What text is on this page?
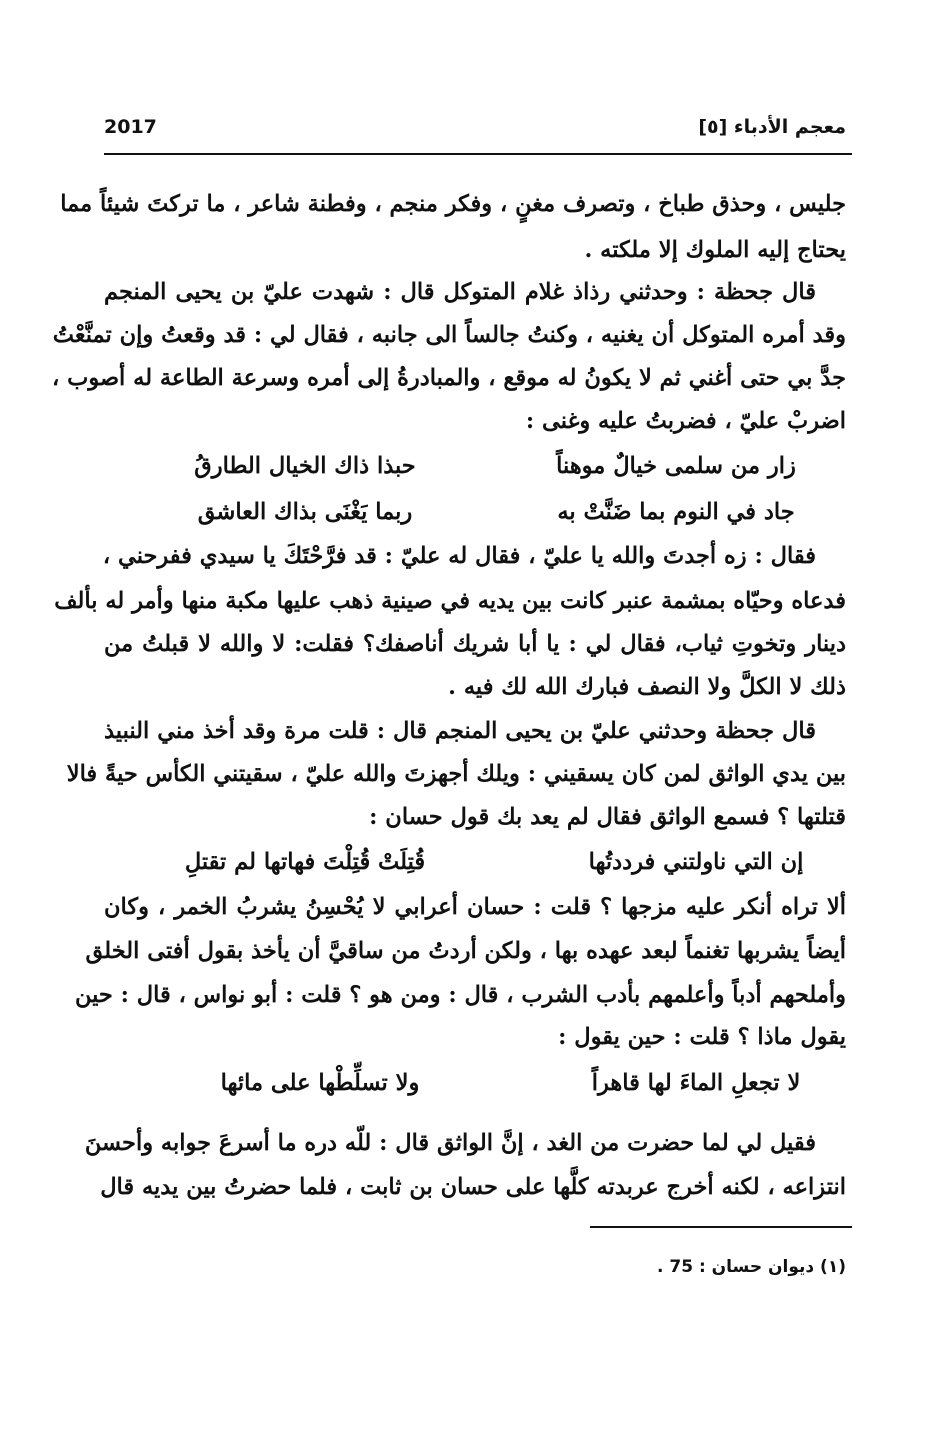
2017	معجم الأدباء [٥]
جليس ، وحذق طباخ ، وتصرف مغنٍ ، وفكر منجم ، وفطنة شاعر ، ما تركتَ شيئاً مما
يحتاج إليه الملوك إلا ملكته .
قال جحظة : وحدثني رذاذ غلام المتوكل قال : شهدت عليّ بن يحيى المنجم
وقد أمره المتوكل أن يغنيه ، وكنتُ جالساً الى جانبه ، فقال لي : قد وقعتُ وإن تمنَّعْتُ
جدَّ بي حتى أغني ثم لا يكونُ له موقع ، والمبادرةُ إلى أمره وسرعة الطاعة له أصوب ،
اضربْ عليّ ، فضربتُ عليه وغنى :
زار من سلمى خيالٌ موهناً
حبذا ذاك الخيال الطارقُ
جاد في النوم بما ضَنَّتْ به
ربما يَغْنَى بذاك العاشق
فقال : زه أجدتَ والله يا عليّ ، فقال له عليّ : قد فرَّحْتَكَ يا سيدي ففرحني ،
فدعاه وحيّاه بمشمة عنبر كانت بين يديه في صينية ذهب عليها مكبة منها وأمر له بألف
دينار وتخوتِ ثياب، فقال لي : يا أبا شريك أناصفك؟ فقلت: لا والله لا قبلتُ من
ذلك لا الكلَّ ولا النصف فبارك الله لك فيه .
قال جحظة وحدثني عليّ بن يحيى المنجم قال : قلت مرة وقد أخذ مني النبيذ
بين يدي الواثق لمن كان يسقيني : ويلك أجهزتَ والله عليّ ، سقيتني الكأس حيةً فالا
قتلتها ؟ فسمع الواثق فقال لم يعد بك قول حسان :
إن التي ناولتني فرددتُها
قُتِلَتْ قُتِلْتَ فهاتها لم تقتلِ
ألا تراه أنكر عليه مزجها ؟ قلت : حسان أعرابي لا يُحْسِنُ يشربُ الخمر ، وكان
أيضاً يشربها تغنماً لبعد عهده بها ، ولكن أردتُ من ساقيَّ أن يأخذ بقول أفتى الخلق
وأملحهم أدباً وأعلمهم بأدب الشرب ، قال : ومن هو ؟ قلت : أبو نواس ، قال : حين
يقول ماذا ؟ قلت : حين يقول :
لا تجعلِ الماءَ لها قاهراً
ولا تسلِّطْها على مائها
فقيل لي لما حضرت من الغد ، إنَّ الواثق قال : للّه دره ما أسرعَ جوابه وأحسنَ
انتزاعه ، لكنه أخرج عربدته كلَّها على حسان بن ثابت ، فلما حضرتُ بين يديه قال
(١) ديوان حسان : 75 .
